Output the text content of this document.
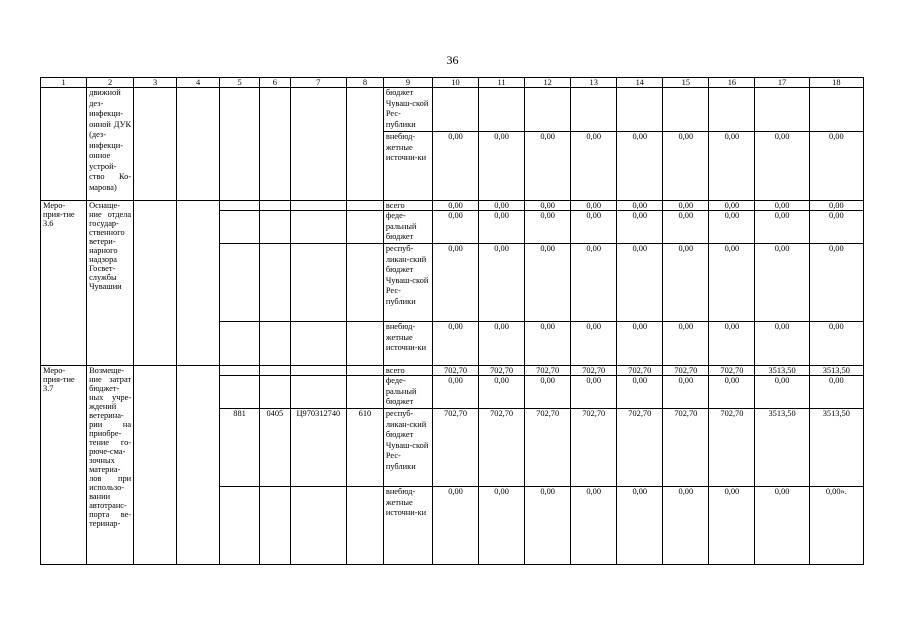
36
1	2	3	4	5	6	7	8	9	10	11	12	13	14	15	16	17	18
	движной дез-инфекци-онной ДУК (дез-инфекци-онное устрой-ство Ко-марова)							бюджет Чуваш-ской Рес-публики									
								внебюд-жетные источни-ки	0,00	0,00	0,00	0,00	0,00	0,00	0,00	0,00	0,00
Меро-прия-тие 3.6	Оснаще-ние отдела государ-ственного ветери-нарного надзора Госвет-службы Чувашии							всего	0,00	0,00	0,00	0,00	0,00	0,00	0,00	0,00	0,00
								феде-ральный бюджет	0,00	0,00	0,00	0,00	0,00	0,00	0,00	0,00	0,00
								респуб-ликан-ский бюджет Чуваш-ской Рес-публики	0,00	0,00	0,00	0,00	0,00	0,00	0,00	0,00	0,00
								внебюд-жетные источни-ки	0,00	0,00	0,00	0,00	0,00	0,00	0,00	0,00	0,00
Меро-прия-тие 3.7	Возмеще-ние затрат бюджет-ных учре-ждений ветерина-рии на приобре-тение го-рюче-сма-зочных материа-лов при использо-вании автотранс-порта ве-теринар-							всего	702,70	702,70	702,70	702,70	702,70	702,70	702,70	3513,50	3513,50
								феде-ральный бюджет	0,00	0,00	0,00	0,00	0,00	0,00	0,00	0,00	0,00
				881	0405	Ц970312740	610	респуб-ликан-ский бюджет Чуваш-ской Рес-публики	702,70	702,70	702,70	702,70	702,70	702,70	702,70	3513,50	3513,50
								внебюд-жетные источни-ки	0,00	0,00	0,00	0,00	0,00	0,00	0,00	0,00	0,00».
